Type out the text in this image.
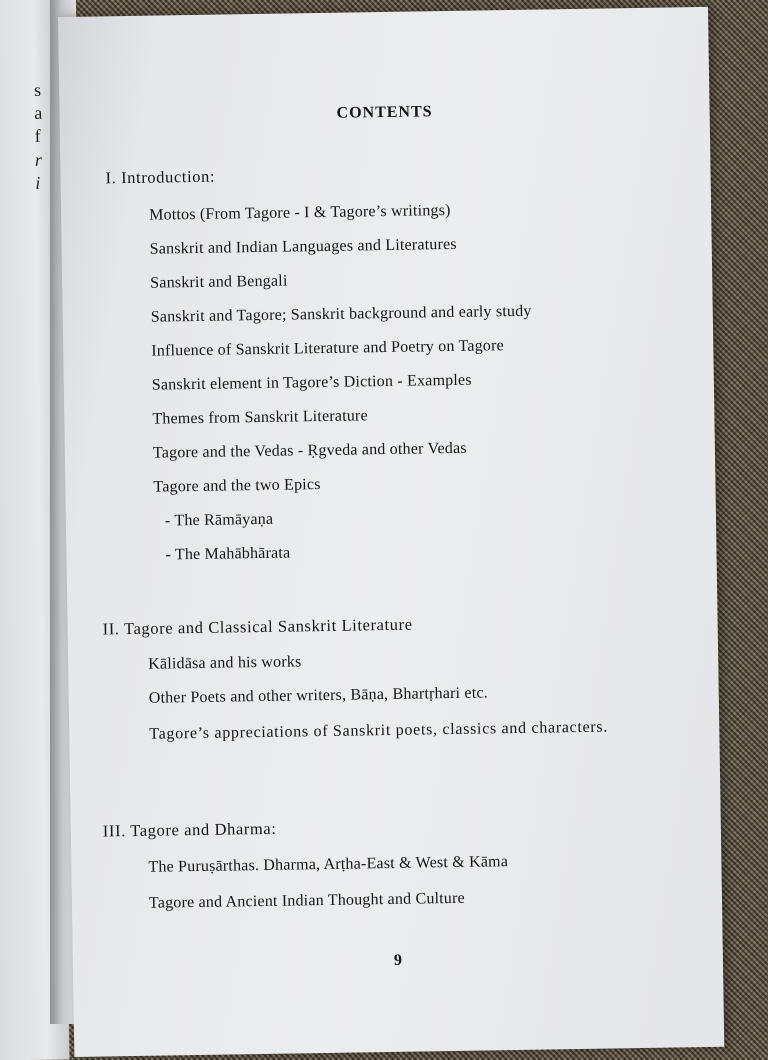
s
a
f
r
i
CONTENTS
I. Introduction:
Mottos (From Tagore - I & Tagore’s writings)
Sanskrit and Indian Languages and Literatures
Sanskrit and Bengali
Sanskrit and Tagore; Sanskrit background and early study
Influence of Sanskrit Literature and Poetry on Tagore
Sanskrit element in Tagore’s Diction - Examples
Themes from Sanskrit Literature
Tagore and the Vedas - Ṛgveda and other Vedas
Tagore and the two Epics
- The Rāmāyaṇa
- The Mahābhārata
II. Tagore and Classical Sanskrit Literature
Kālidāsa and his works
Other Poets and other writers, Bāṇa, Bhartṛhari etc.
Tagore’s appreciations of Sanskrit poets, classics and characters.
III. Tagore and Dharma:
The Puruṣārthas. Dharma, Arṭha-East & West & Kāma
Tagore and Ancient Indian Thought and Culture
9
